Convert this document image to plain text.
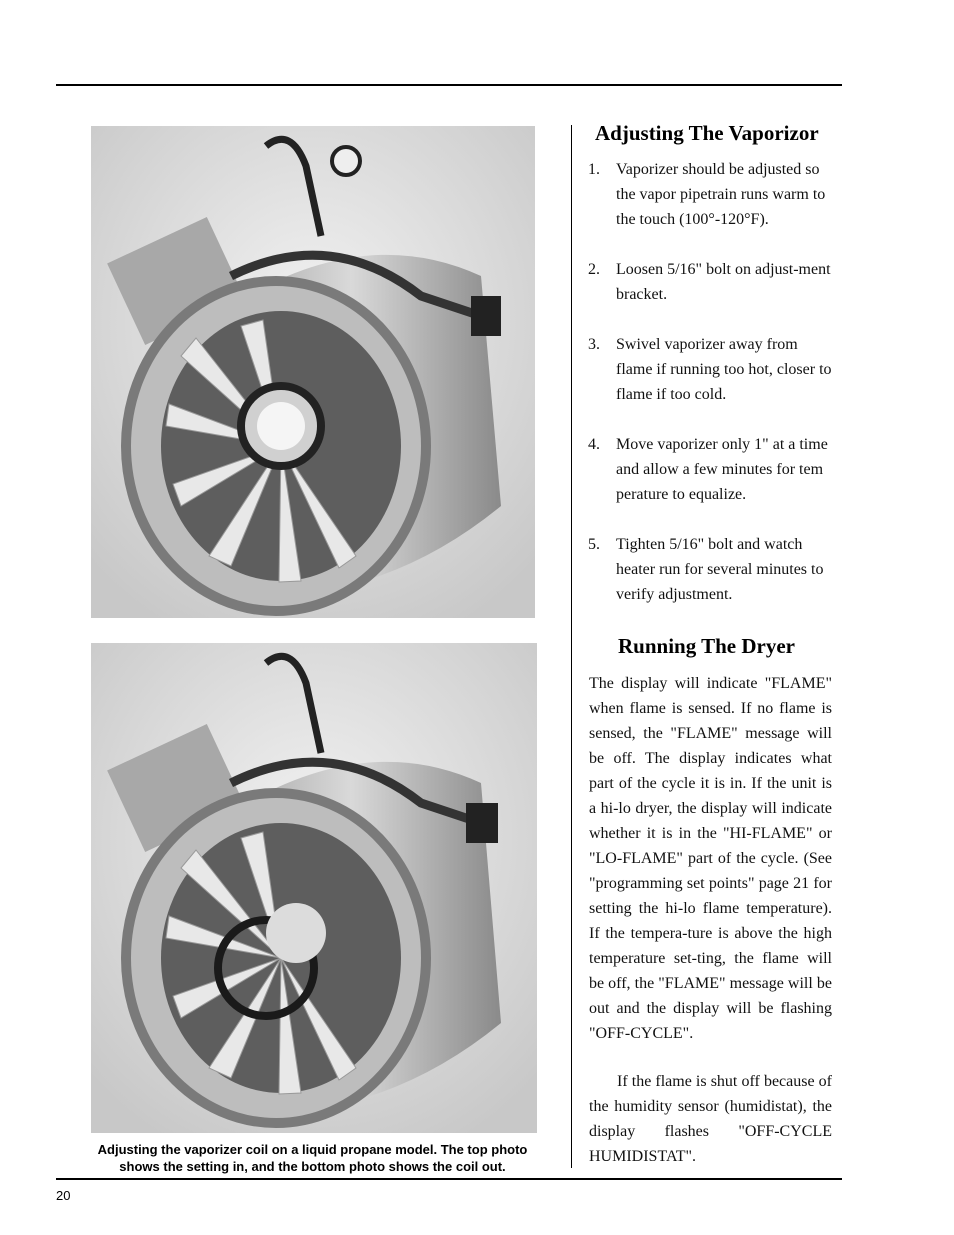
Adjusting the vaporizer coil on a liquid propane model. The top photo
shows the setting in, and the bottom photo shows the coil out.
Adjusting The Vaporizor
1. Vaporizer should be adjusted so the vapor pipetrain runs warm to the touch (100°-120°F).
2. Loosen 5/16" bolt on adjust-ment bracket.
3. Swivel vaporizer away from flame if running too hot, closer to flame if too cold.
4. Move vaporizer only 1" at a time and allow a few minutes for tem perature to equalize.
5. Tighten 5/16" bolt and watch heater run for several minutes to verify adjustment.
Running The Dryer

The display will indicate "FLAME" when flame is sensed. If no flame is sensed, the "FLAME" message will be off. The display indicates what part of the cycle it is in. If the unit is a hi-lo dryer, the display will indicate whether it is in the "HI-FLAME" or "LO-FLAME" part of the cycle. (See "programming set points" page 21 for setting the hi-lo flame temperature). If the tempera-ture is above the high temperature set-ting, the flame will be off, the "FLAME" message will be out and the display will be flashing "OFF-CYCLE".

If the flame is shut off because of the humidity sensor (humidistat), the display flashes "OFF-CYCLE HUMIDISTAT".

20
